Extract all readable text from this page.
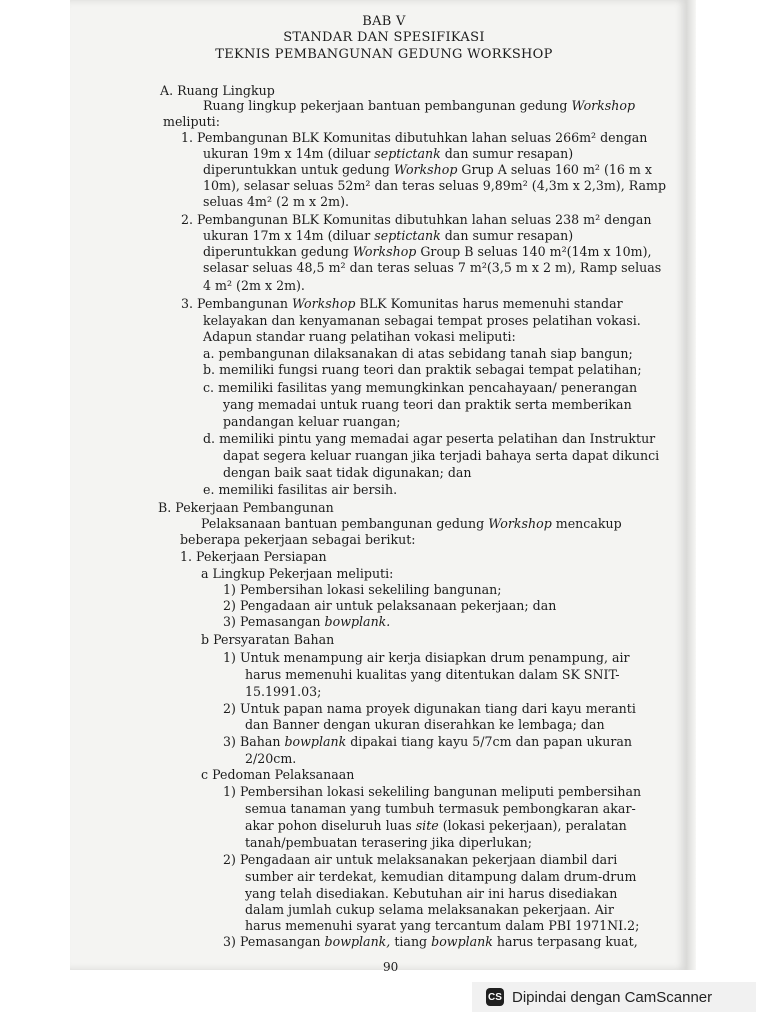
BAB V
STANDAR DAN SPESIFIKASI
TEKNIS PEMBANGUNAN GEDUNG WORKSHOP
A. Ruang Lingkup
Ruang lingkup pekerjaan bantuan pembangunan gedung Workshop
meliputi:
1. Pembangunan BLK Komunitas dibutuhkan lahan seluas 266m² dengan
ukuran 19m x 14m (diluar septictank dan sumur resapan)
diperuntukkan untuk gedung Workshop Grup A seluas 160 m² (16 m x
10m), selasar seluas 52m² dan teras seluas 9,89m² (4,3m x 2,3m), Ramp
seluas 4m² (2 m x 2m).
2. Pembangunan BLK Komunitas dibutuhkan lahan seluas 238 m² dengan
ukuran 17m x 14m (diluar septictank dan sumur resapan)
diperuntukkan gedung Workshop Group B seluas 140 m²(14m x 10m),
selasar seluas 48,5 m² dan teras seluas 7 m²(3,5 m x 2 m), Ramp seluas
4 m² (2m x 2m).
3. Pembangunan Workshop BLK Komunitas harus memenuhi standar
kelayakan dan kenyamanan sebagai tempat proses pelatihan vokasi.
Adapun standar ruang pelatihan vokasi meliputi:
a. pembangunan dilaksanakan di atas sebidang tanah siap bangun;
b. memiliki fungsi ruang teori dan praktik sebagai tempat pelatihan;
c. memiliki fasilitas yang memungkinkan pencahayaan/ penerangan
yang memadai untuk ruang teori dan praktik serta memberikan
pandangan keluar ruangan;
d. memiliki pintu yang memadai agar peserta pelatihan dan Instruktur
dapat segera keluar ruangan jika terjadi bahaya serta dapat dikunci
dengan baik saat tidak digunakan; dan
e. memiliki fasilitas air bersih.
B. Pekerjaan Pembangunan
Pelaksanaan bantuan pembangunan gedung Workshop mencakup
beberapa pekerjaan sebagai berikut:
1. Pekerjaan Persiapan
a Lingkup Pekerjaan meliputi:
1) Pembersihan lokasi sekeliling bangunan;
2) Pengadaan air untuk pelaksanaan pekerjaan; dan
3) Pemasangan bowplank.
b Persyaratan Bahan
1) Untuk menampung air kerja disiapkan drum penampung, air
harus memenuhi kualitas yang ditentukan dalam SK SNIT-
15.1991.03;
2) Untuk papan nama proyek digunakan tiang dari kayu meranti
dan Banner dengan ukuran diserahkan ke lembaga; dan
3) Bahan bowplank dipakai tiang kayu 5/7cm dan papan ukuran
2/20cm.
c Pedoman Pelaksanaan
1) Pembersihan lokasi sekeliling bangunan meliputi pembersihan
semua tanaman yang tumbuh termasuk pembongkaran akar-
akar pohon diseluruh luas site (lokasi pekerjaan), peralatan
tanah/pembuatan terasering jika diperlukan;
2) Pengadaan air untuk melaksanakan pekerjaan diambil dari
sumber air terdekat, kemudian ditampung dalam drum-drum
yang telah disediakan. Kebutuhan air ini harus disediakan
dalam jumlah cukup selama melaksanakan pekerjaan. Air
harus memenuhi syarat yang tercantum dalam PBI 1971NI.2;
3) Pemasangan bowplank, tiang bowplank harus terpasang kuat,
90
CS Dipindai dengan CamScanner
